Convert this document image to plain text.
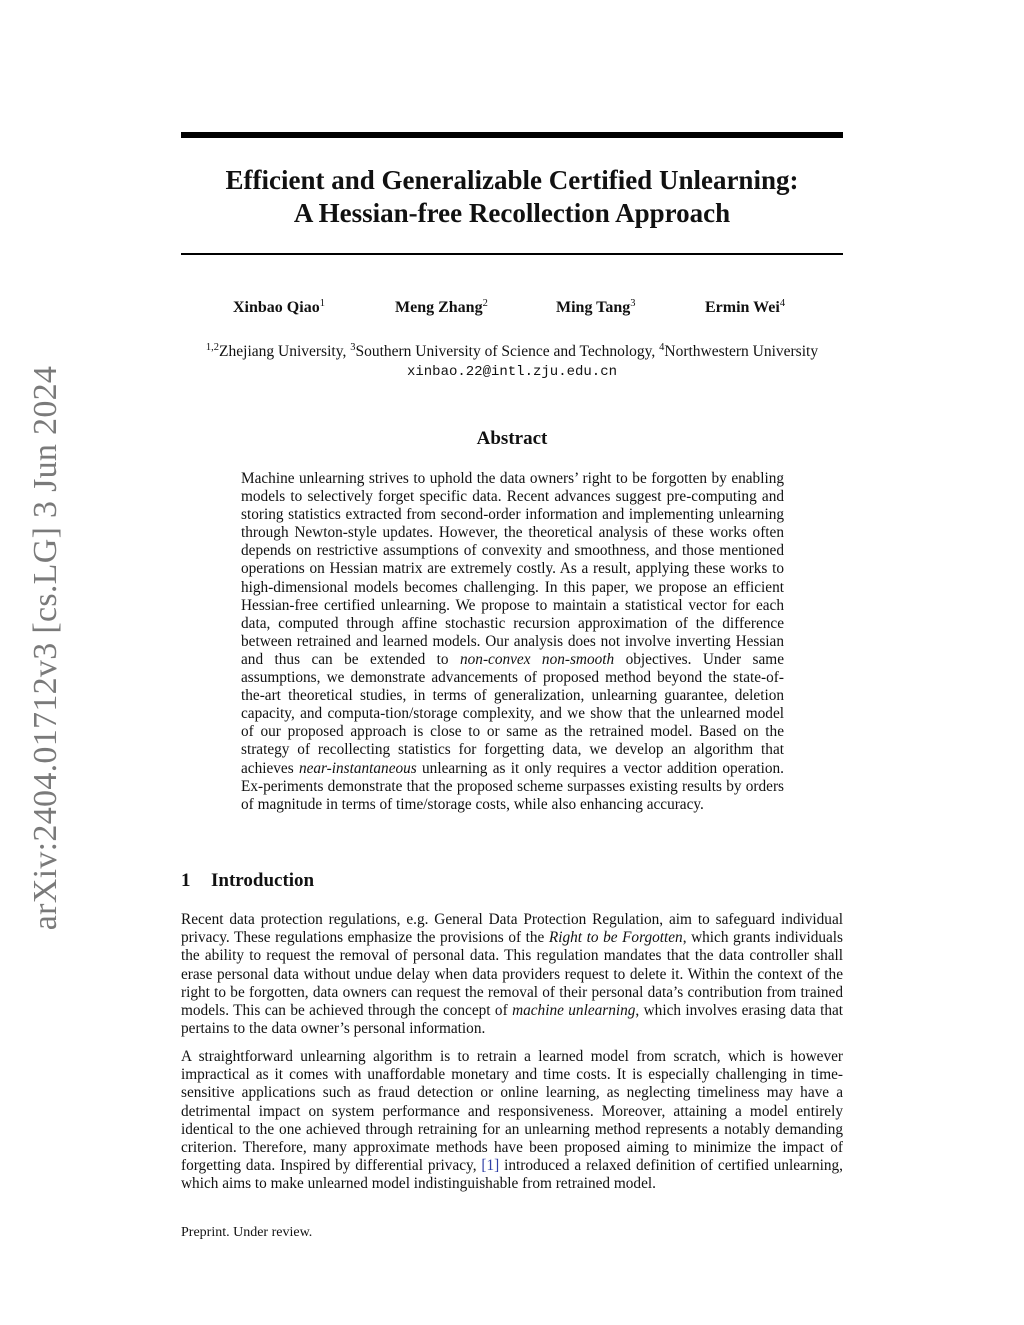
arXiv:2404.01712v3 [cs.LG] 3 Jun 2024
Efficient and Generalizable Certified Unlearning:
A Hessian-free Recollection Approach
Xinbao Qiao$^1$	Meng Zhang$^2$	Ming Tang$^3$	Ermin Wei$^4$
$^{1,2}$Zhejiang University, $^3$Southern University of Science and Technology, $^4$Northwestern University
xinbao.22@intl.zju.edu.cn
Abstract

Machine unlearning strives to uphold the data owners’ right to be forgotten by enabling models to selectively forget specific data. Recent advances suggest pre-computing and storing statistics extracted from second-order information and implementing unlearning through Newton-style updates. However, the theoretical analysis of these works often depends on restrictive assumptions of convexity and smoothness, and those mentioned operations on Hessian matrix are extremely costly. As a result, applying these works to high-dimensional models becomes challenging. In this paper, we propose an efficient Hessian-free certified unlearning. We propose to maintain a statistical vector for each data, computed through affine stochastic recursion approximation of the difference between retrained and learned models. Our analysis does not involve inverting Hessian and thus can be extended to non-convex non-smooth objectives. Under same assumptions, we demonstrate advancements of proposed method beyond the state-of-the-art theoretical studies, in terms of generalization, unlearning guarantee, deletion capacity, and computa-tion/storage complexity, and we show that the unlearned model of our proposed approach is close to or same as the retrained model. Based on the strategy of recollecting statistics for forgetting data, we develop an algorithm that achieves near-instantaneous unlearning as it only requires a vector addition operation. Ex-periments demonstrate that the proposed scheme surpasses existing results by orders of magnitude in terms of time/storage costs, while also enhancing accuracy.

1 Introduction

Recent data protection regulations, e.g. General Data Protection Regulation, aim to safeguard individual privacy. These regulations emphasize the provisions of the Right to be Forgotten, which grants individuals the ability to request the removal of personal data. This regulation mandates that the data controller shall erase personal data without undue delay when data providers request to delete it. Within the context of the right to be forgotten, data owners can request the removal of their personal data’s contribution from trained models. This can be achieved through the concept of machine unlearning, which involves erasing data that pertains to the data owner’s personal information.

A straightforward unlearning algorithm is to retrain a learned model from scratch, which is however impractical as it comes with unaffordable monetary and time costs. It is especially challenging in time-sensitive applications such as fraud detection or online learning, as neglecting timeliness may have a detrimental impact on system performance and responsiveness. Moreover, attaining a model entirely identical to the one achieved through retraining for an unlearning method represents a notably demanding criterion. Therefore, many approximate methods have been proposed aiming to minimize the impact of forgetting data. Inspired by differential privacy, [1] introduced a relaxed definition of certified unlearning, which aims to make unlearned model indistinguishable from retrained model.

Preprint. Under review.
